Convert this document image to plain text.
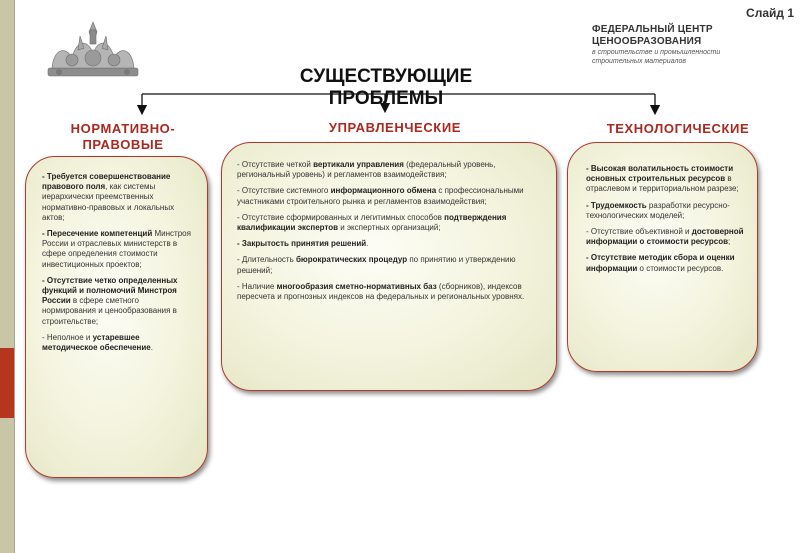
Слайд 1
ФЕДЕРАЛЬНЫЙ ЦЕНТР
ЦЕНООБРАЗОВАНИЯ
в строительстве и промышленности
строительных материалов
СУЩЕСТВУЮЩИЕ
ПРОБЛЕМЫ
НОРМАТИВНО-
ПРАВОВЫЕ
УПРАВЛЕНЧЕСКИЕ	ТЕХНОЛОГИЧЕСКИЕ
- Требуется совершенствование правового поля, как системы иерархически преемственных нормативно-правовых и локальных актов;
- Пересечение компетенций Минстроя России и отраслевых министерств в сфере определения стоимости инвестиционных проектов;
- Отсутствие четко определенных функций и полномочий Минстроя России в сфере сметного нормирования и ценообразования в строительстве;
- Неполное и устаревшее методическое обеспечение.
- Отсутствие четкой вертикали управления (федеральный уровень, региональный уровень) и регламентов взаимодействия;
- Отсутствие системного информационного обмена с профессиональными участниками строительного рынка и регламентов взаимодействия;
- Отсутствие сформированных и легитимных способов подтверждения квалификации экспертов и экспертных организаций;
- Закрытость принятия решений.
- Длительность бюрократических процедур по принятию и утверждению решений;
- Наличие многообразия сметно-нормативных баз (сборников), индексов пересчета и прогнозных индексов на федеральных и региональных уровнях.
- Высокая волатильность стоимости основных строительных ресурсов в отраслевом и территориальном разрезе;
- Трудоемкость разработки ресурсно-технологических моделей;
- Отсутствие объективной и достоверной информации о стоимости ресурсов;
- Отсутствие методик сбора и оценки информации о стоимости ресурсов.
